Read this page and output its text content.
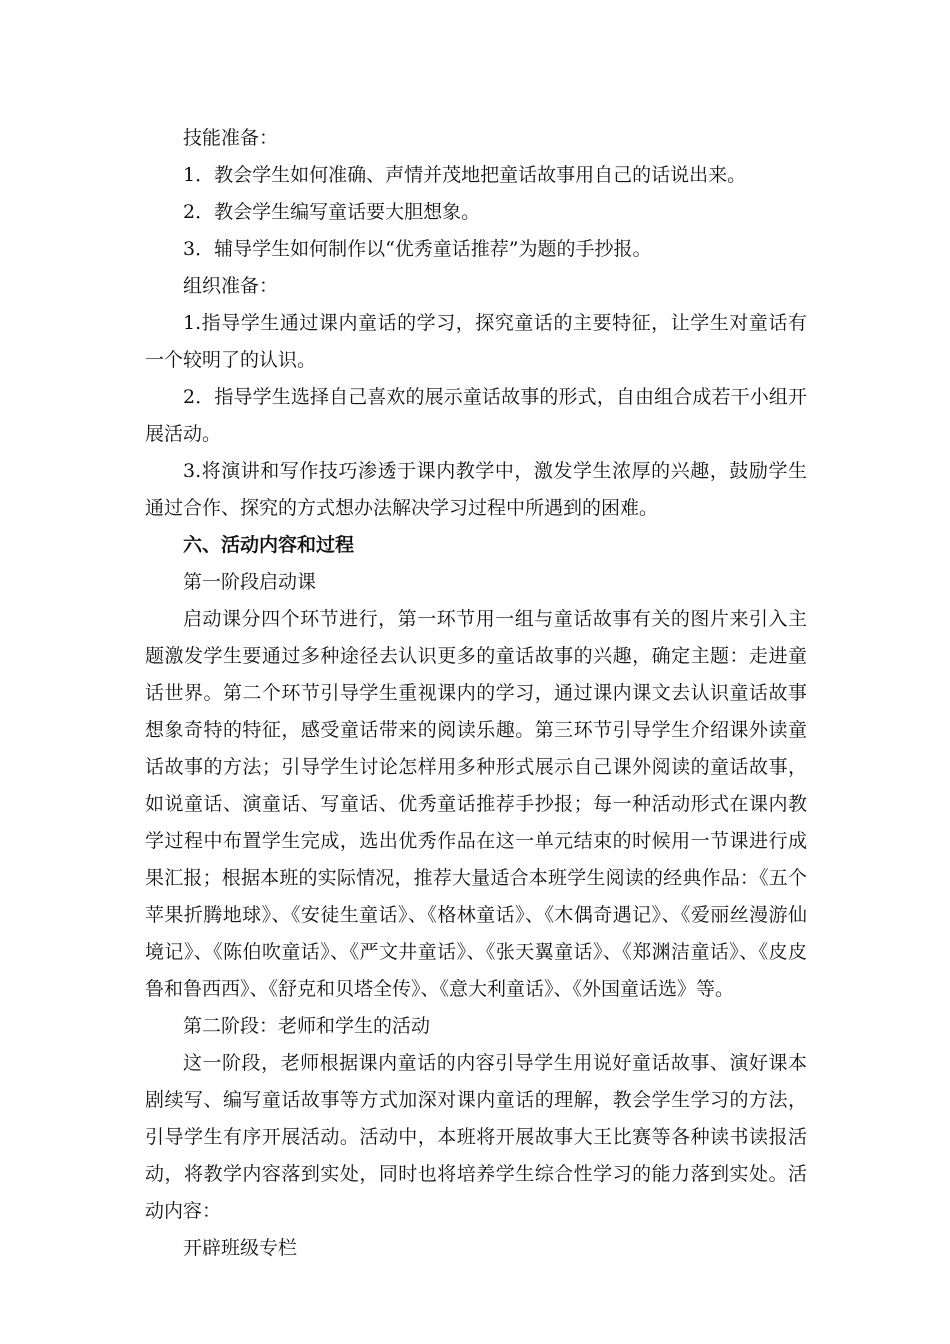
技能准备：

1．教会学生如何准确、声情并茂地把童话故事用自己的话说出来。

2．教会学生编写童话要大胆想象。

3．辅导学生如何制作以“优秀童话推荐”为题的手抄报。

组织准备：

1.指导学生通过课内童话的学习，探究童话的主要特征，让学生对童话有一个较明了的认识。

2．指导学生选择自己喜欢的展示童话故事的形式，自由组合成若干小组开展活动。

3.将演讲和写作技巧渗透于课内教学中，激发学生浓厚的兴趣，鼓励学生通过合作、探究的方式想办法解决学习过程中所遇到的困难。

六、活动内容和过程

第一阶段启动课

启动课分四个环节进行，第一环节用一组与童话故事有关的图片来引入主题激发学生要通过多种途径去认识更多的童话故事的兴趣，确定主题：走进童话世界。第二个环节引导学生重视课内的学习，通过课内课文去认识童话故事想象奇特的特征，感受童话带来的阅读乐趣。第三环节引导学生介绍课外读童话故事的方法；引导学生讨论怎样用多种形式展示自己课外阅读的童话故事，如说童话、演童话、写童话、优秀童话推荐手抄报；每一种活动形式在课内教学过程中布置学生完成，选出优秀作品在这一单元结束的时候用一节课进行成果汇报；根据本班的实际情况，推荐大量适合本班学生阅读的经典作品：《五个苹果折腾地球》、《安徒生童话》、《格林童话》、《木偶奇遇记》、《爱丽丝漫游仙境记》、《陈伯吹童话》、《严文井童话》、《张天翼童话》、《郑渊洁童话》、《皮皮鲁和鲁西西》、《舒克和贝塔全传》、《意大利童话》、《外国童话选》等。

第二阶段：老师和学生的活动

这一阶段，老师根据课内童话的内容引导学生用说好童话故事、演好课本剧续写、编写童话故事等方式加深对课内童话的理解，教会学生学习的方法，引导学生有序开展活动。活动中，本班将开展故事大王比赛等各种读书读报活动，将教学内容落到实处，同时也将培养学生综合性学习的能力落到实处。活动内容：

开辟班级专栏
